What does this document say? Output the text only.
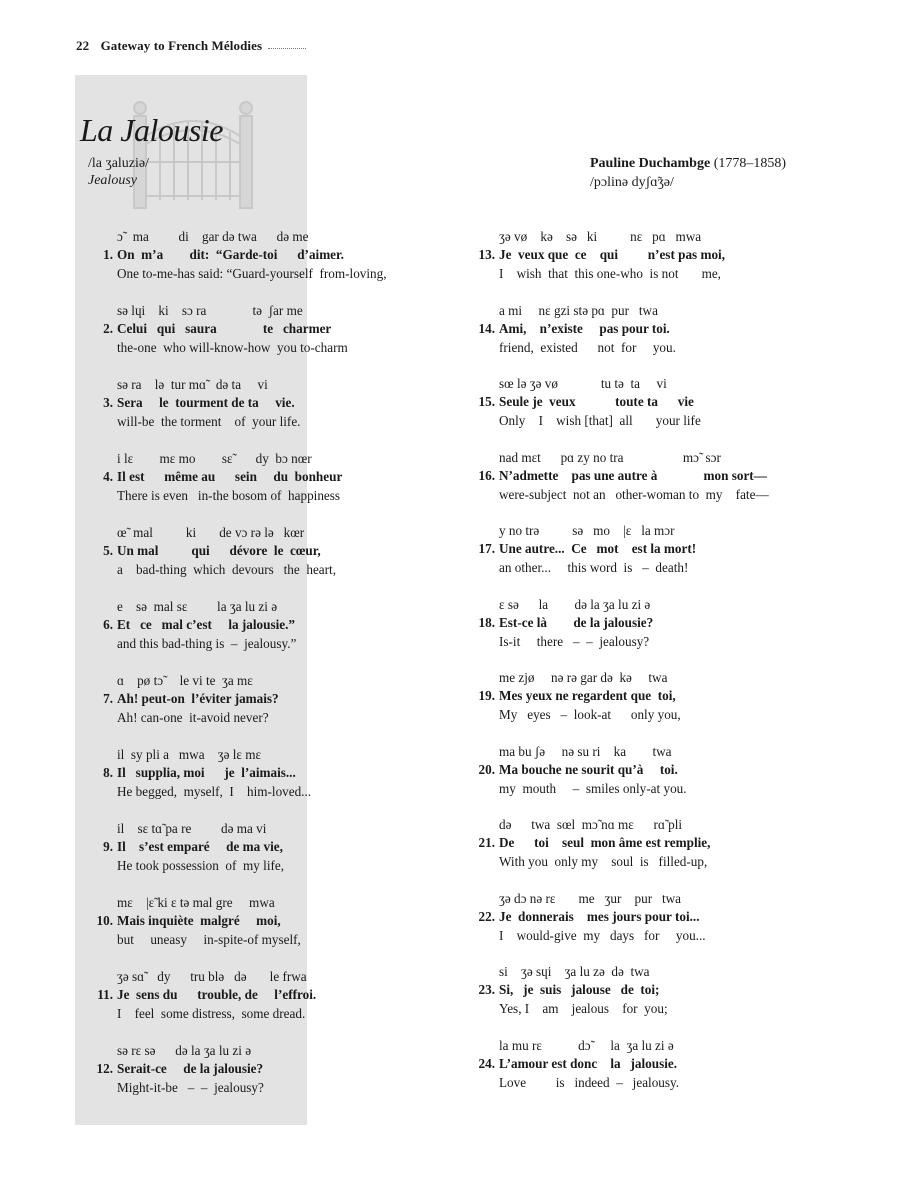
22 Gateway to French Mélodies
La Jalousie
/la ʒaluziə/
Jealousy
Pauline Duchambge (1778–1858)
/pɔlinə dyʃɑ̃ʒə/
ɔ̃   ma         di    gar də twa      də me
1. On  m’a        dit:  “Garde-toi      d’aimer.
One to-me-has said: “Guard-yourself  from-loving,
sə lɥi    ki    sɔ ra              tə  ʃar me
2. Celui   qui   saura              te   charmer
the-one  who will-know-how  you to-charm
sə ra    lə  tur mɑ̃   də ta     vi
3. Sera     le  tourment de ta     vie.
will-be  the torment    of  your life.
i lɛ        mɛ mo        sɛ̃       dy  bɔ nœr
4. Il est      même au      sein     du  bonheur
There is even   in-the bosom of  happiness
œ̃  mal          ki       de vɔ rə lə   kœr
5. Un mal          qui      dévore  le  cœur,
a    bad-thing  which  devours   the  heart,
e    sə  mal sɛ         la ʒa lu zi ə
6. Et   ce   mal c’est     la jalousie.”
and this bad-thing is  –  jealousy.”
ɑ    pø tɔ̃     le vi te  ʒa mɛ
7. Ah! peut-on  l’éviter jamais?
Ah! can-one  it-avoid never?
il  sy pli a   mwa    ʒə lɛ mɛ
8. Il   supplia, moi      je  l’aimais...
He begged,  myself,  I    him-loved...
il    sɛ tɑ̃ pa re         də ma vi
9. Il    s’est emparé     de ma vie,
He took possession  of  my life,
mɛ    |ɛ̃ ki ɛ tə mal gre     mwa
10. Mais inquiète  malgré     moi,
but     uneasy     in-spite-of myself,
ʒə sɑ̃    dy      tru blə   də       le frwa
11. Je  sens du      trouble, de     l’effroi.
I    feel  some distress,  some dread.
sə rɛ sə      də la ʒa lu zi ə
12. Serait-ce     de la jalousie?
Might-it-be   –  –  jealousy?
ʒə vø    kə    sə   ki          nɛ   pɑ   mwa
13. Je  veux que  ce    qui         n’est pas moi,
I    wish  that  this one-who  is not       me,
a mi     nɛ gzi stə pɑ  pur   twa
14. Ami,    n’existe     pas pour toi.
friend,  existed      not  for     you.
sœ lə ʒə vø             tu tə  ta     vi
15. Seule je  veux            toute ta      vie
Only    I    wish [that]  all       your life
nad mɛt      pɑ zy no tra                  mɔ̃  sɔr
16. N’admette    pas une autre à              mon sort—
were-subject  not an   other-woman to  my    fate—
y no trə          sə   mo    |ɛ   la mɔr
17. Une autre...  Ce   mot    est la mort!
an other...     this word  is   –  death!
ɛ sə      la        də la ʒa lu zi ə
18. Est-ce là        de la jalousie?
Is-it     there   –  –  jealousy?
me zjø     nə rə gar də  kə     twa
19. Mes yeux ne regardent que  toi,
My   eyes   –  look-at      only you,
ma bu ʃə     nə su ri    ka        twa
20. Ma bouche ne sourit qu’à     toi.
my  mouth     –  smiles only-at you.
də      twa  sœl  mɔ̃ nɑ mɛ      rɑ̃ pli
21. De      toi    seul  mon âme est remplie,
With you  only my    soul  is   filled-up,
ʒə dɔ nə rɛ       me   ʒur    pur   twa
22. Je  donnerais    mes jours pour toi...
I    would-give  my   days   for     you...
si    ʒə sɥi    ʒa lu zə  də  twa
23. Si,   je  suis   jalouse   de  toi;
Yes, I    am    jealous    for  you;
la mu rɛ           dɔ̃      la  ʒa lu zi ə
24. L’amour est donc    la   jalousie.
Love         is   indeed  –   jealousy.
